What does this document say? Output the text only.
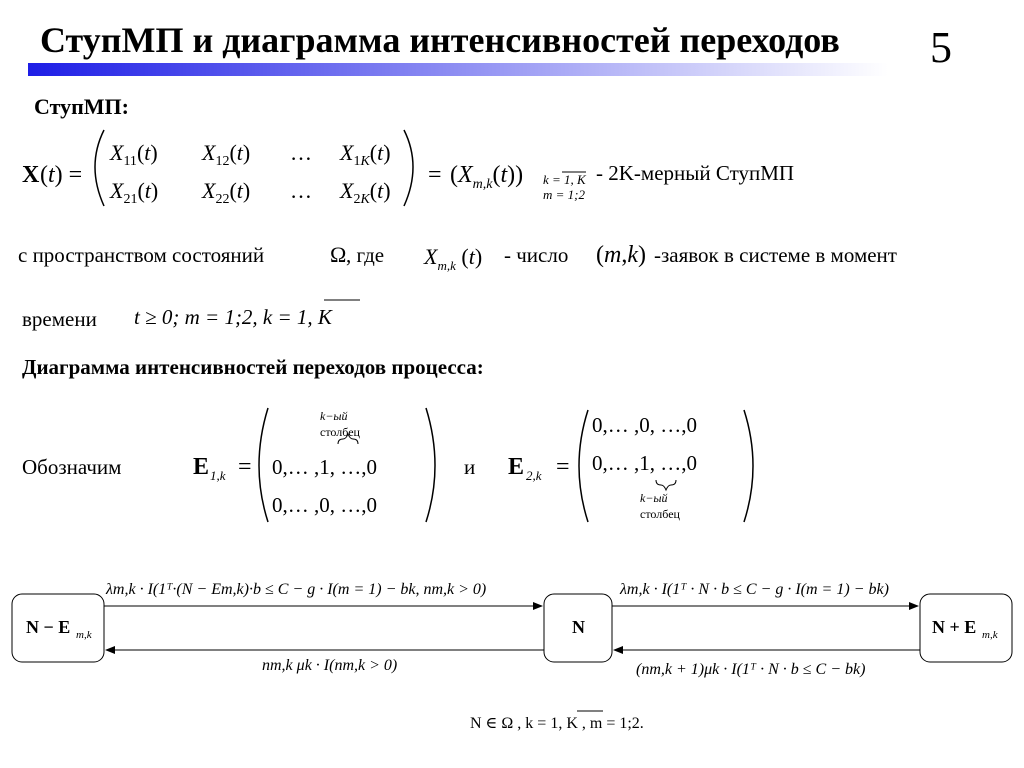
СтупМП и диаграмма интенсивностей переходов 5
СтупМП:
X (t) =
$X_{11}(t)$ $X_{12}(t)$ … $X_1K(t)$
$X_{21}(t)$ $X_{22}(t)$ … $X_2K(t)$
= $(X_{m,k}(t)) k = 1$, K
m = 1;2
- 2K-мерный СтупМП
с пространством состояний	Ω , где $X_{m,k}$ (t) - число (m,k) -заявок в системе в момент
времени t ≥ 0; m = 1;2, k = 1, K
Диаграмма интенсивностей переходов процесса:
Обозначим	E 1,k =
k−ый
столбец
0,… ,1, …,0
0,… ,0, …,0
и E 2,k =
0,… ,0, …,0
0,… ,1, …,0
k−ый
столбец
N − E m,k	N	N + E m,k
λm,k · I(1ᵀ·(N − Em,k)·b ≤ C − g · I(m = 1) − bk, nm,k > 0)
nm,k μk · I(nm,k > 0)
λm,k · I(1ᵀ · N · b ≤ C − g · I(m = 1) − bk)
(nm,k + 1)μk · I(1ᵀ · N · b ≤ C − bk)
N ∈ Ω , k = 1, K , m = 1;2.
